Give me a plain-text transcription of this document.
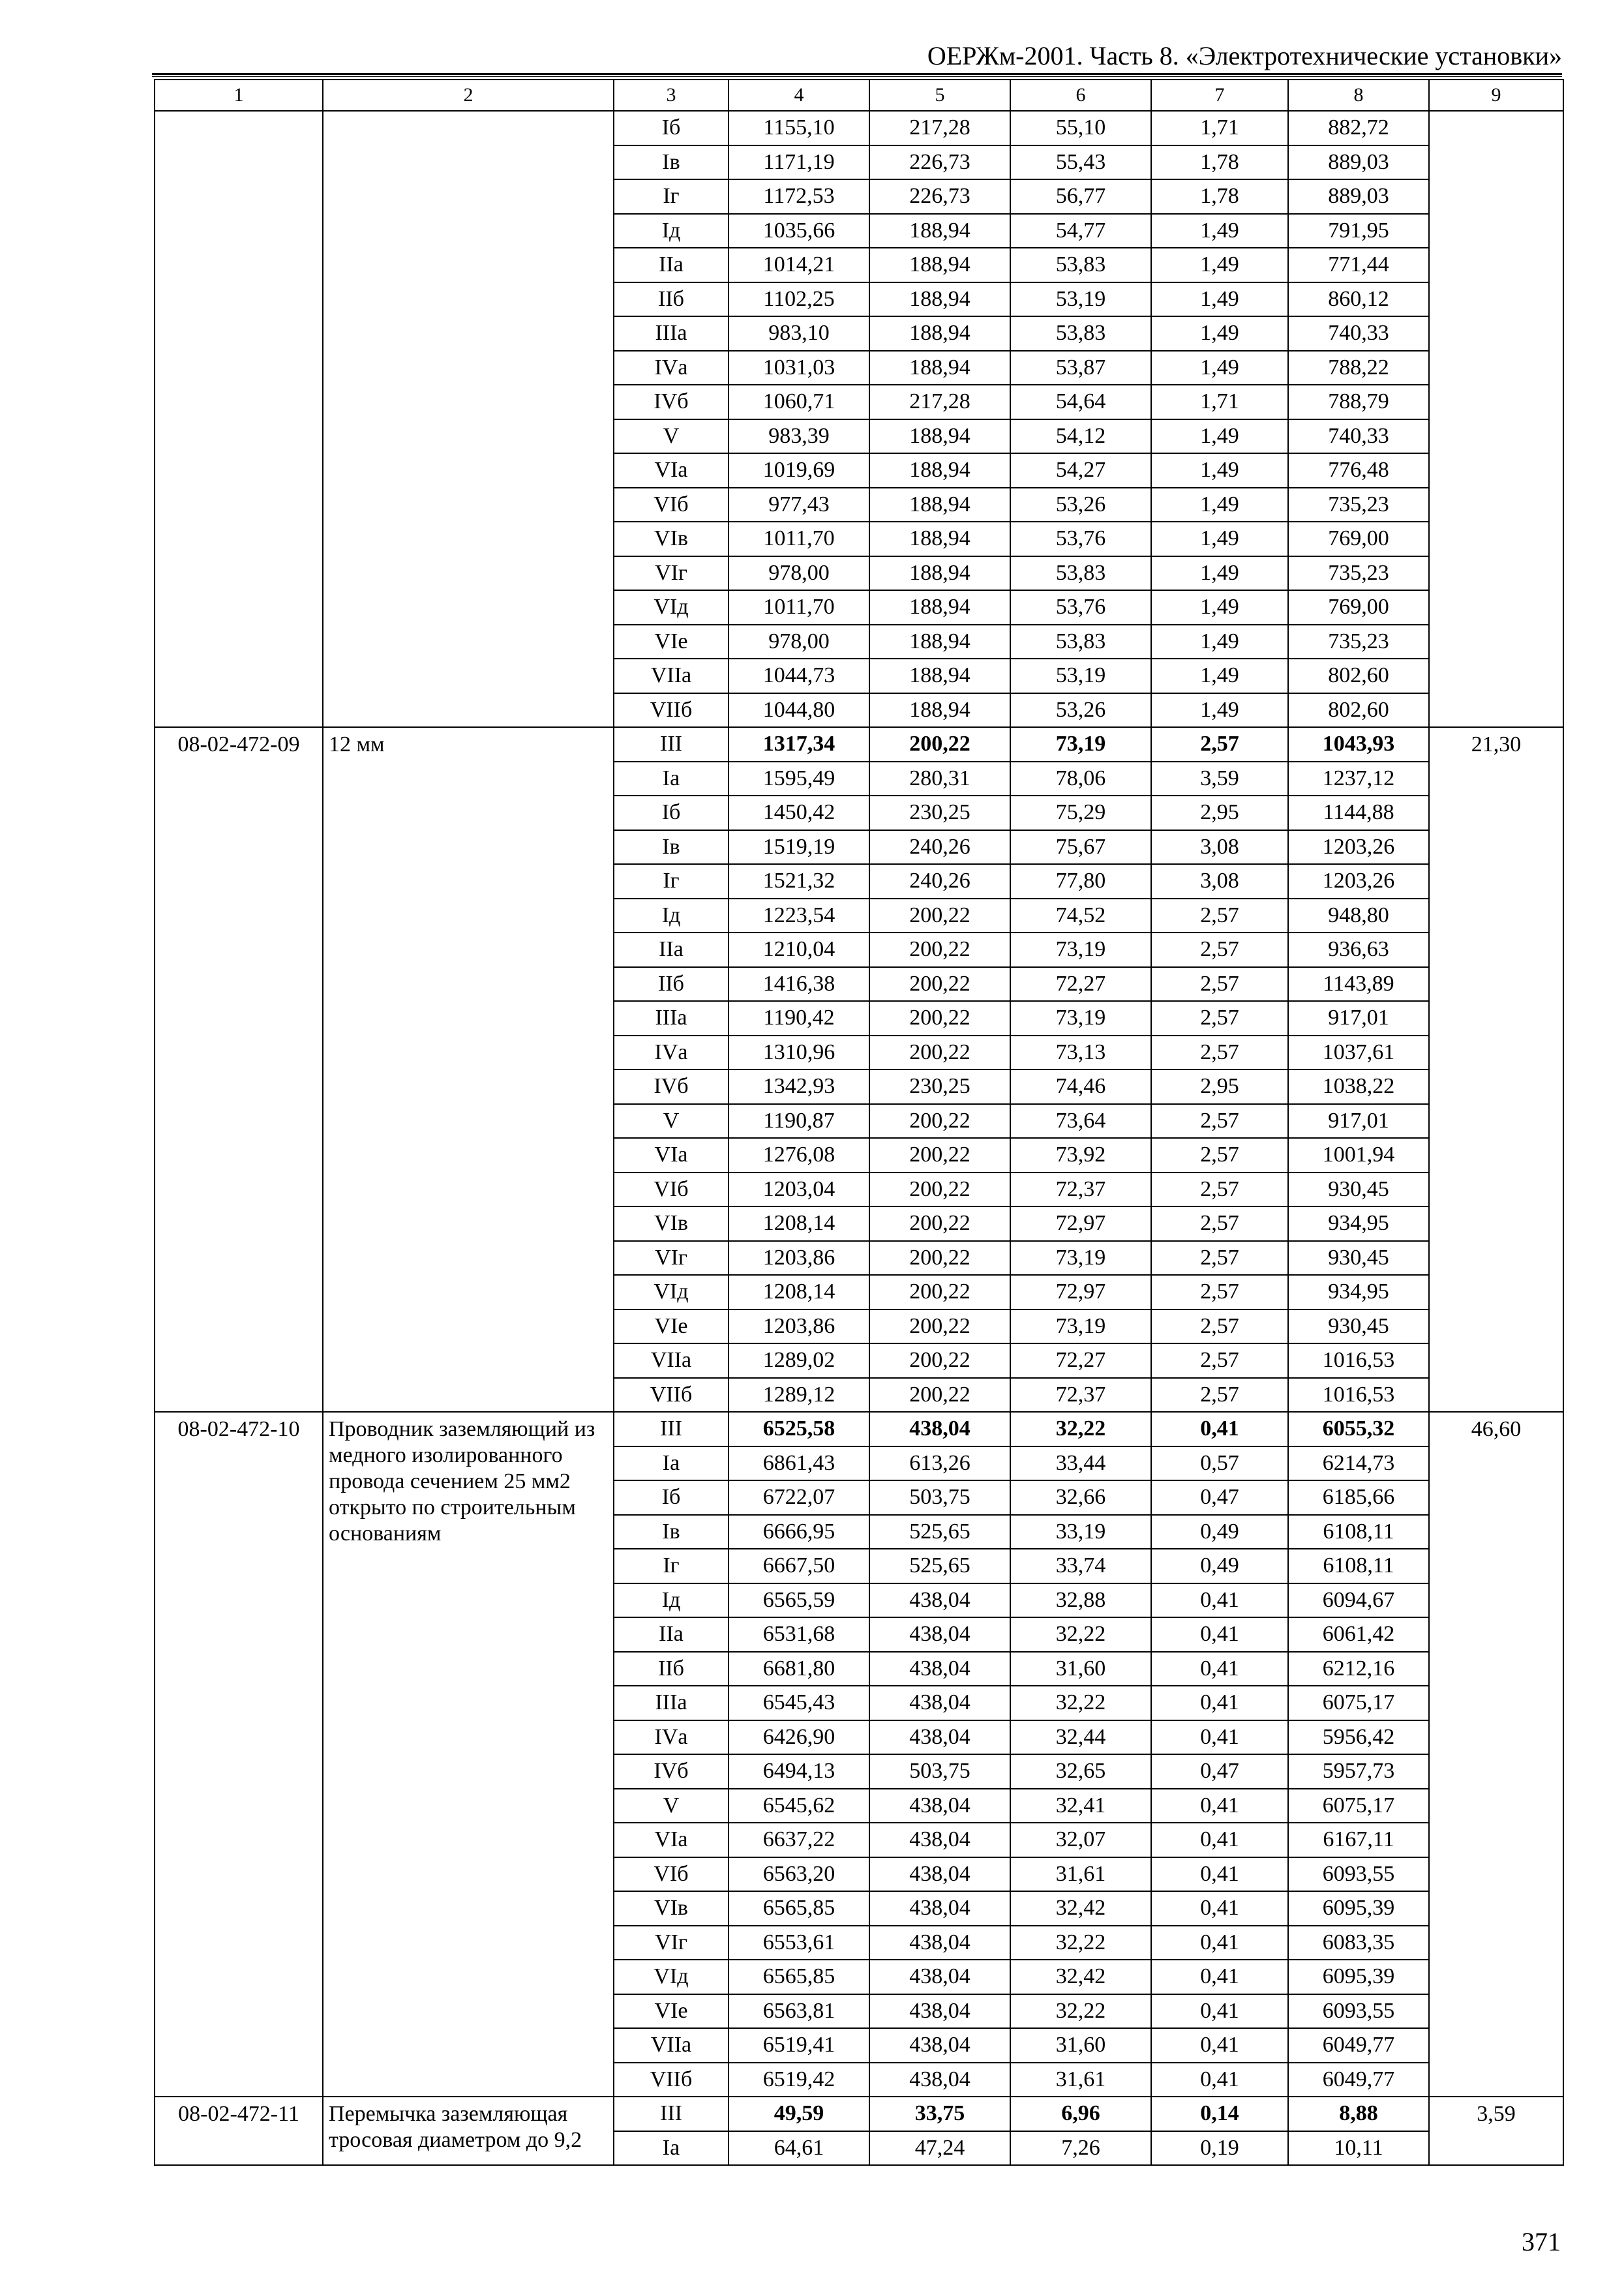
ОЕРЖм-2001. Часть 8. «Электротехнические установки»
1	2	3	4	5	6	7	8	9
		Iб	1155,10	217,28	55,10	1,71	882,72	
		Iв	1171,19	226,73	55,43	1,78	889,03	
		Iг	1172,53	226,73	56,77	1,78	889,03	
		Iд	1035,66	188,94	54,77	1,49	791,95	
		IIа	1014,21	188,94	53,83	1,49	771,44	
		IIб	1102,25	188,94	53,19	1,49	860,12	
		IIIа	983,10	188,94	53,83	1,49	740,33	
		IVа	1031,03	188,94	53,87	1,49	788,22	
		IVб	1060,71	217,28	54,64	1,71	788,79	
		V	983,39	188,94	54,12	1,49	740,33	
		VIа	1019,69	188,94	54,27	1,49	776,48	
		VIб	977,43	188,94	53,26	1,49	735,23	
		VIв	1011,70	188,94	53,76	1,49	769,00	
		VIг	978,00	188,94	53,83	1,49	735,23	
		VIд	1011,70	188,94	53,76	1,49	769,00	
		VIе	978,00	188,94	53,83	1,49	735,23	
		VIIа	1044,73	188,94	53,19	1,49	802,60	
		VIIб	1044,80	188,94	53,26	1,49	802,60	
08-02-472-09	12 мм	III	1317,34	200,22	73,19	2,57	1043,93	21,30
		Iа	1595,49	280,31	78,06	3,59	1237,12	
		Iб	1450,42	230,25	75,29	2,95	1144,88	
		Iв	1519,19	240,26	75,67	3,08	1203,26	
		Iг	1521,32	240,26	77,80	3,08	1203,26	
		Iд	1223,54	200,22	74,52	2,57	948,80	
		IIа	1210,04	200,22	73,19	2,57	936,63	
		IIб	1416,38	200,22	72,27	2,57	1143,89	
		IIIа	1190,42	200,22	73,19	2,57	917,01	
		IVа	1310,96	200,22	73,13	2,57	1037,61	
		IVб	1342,93	230,25	74,46	2,95	1038,22	
		V	1190,87	200,22	73,64	2,57	917,01	
		VIа	1276,08	200,22	73,92	2,57	1001,94	
		VIб	1203,04	200,22	72,37	2,57	930,45	
		VIв	1208,14	200,22	72,97	2,57	934,95	
		VIг	1203,86	200,22	73,19	2,57	930,45	
		VIд	1208,14	200,22	72,97	2,57	934,95	
		VIе	1203,86	200,22	73,19	2,57	930,45	
		VIIа	1289,02	200,22	72,27	2,57	1016,53	
		VIIб	1289,12	200,22	72,37	2,57	1016,53	
08-02-472-10	Проводник заземляющий из медного изолированного провода сечением 25 мм2 открыто по строительным основаниям	III	6525,58	438,04	32,22	0,41	6055,32	46,60
		Iа	6861,43	613,26	33,44	0,57	6214,73	
		Iб	6722,07	503,75	32,66	0,47	6185,66	
		Iв	6666,95	525,65	33,19	0,49	6108,11	
		Iг	6667,50	525,65	33,74	0,49	6108,11	
		Iд	6565,59	438,04	32,88	0,41	6094,67	
		IIа	6531,68	438,04	32,22	0,41	6061,42	
		IIб	6681,80	438,04	31,60	0,41	6212,16	
		IIIа	6545,43	438,04	32,22	0,41	6075,17	
		IVа	6426,90	438,04	32,44	0,41	5956,42	
		IVб	6494,13	503,75	32,65	0,47	5957,73	
		V	6545,62	438,04	32,41	0,41	6075,17	
		VIа	6637,22	438,04	32,07	0,41	6167,11	
		VIб	6563,20	438,04	31,61	0,41	6093,55	
		VIв	6565,85	438,04	32,42	0,41	6095,39	
		VIг	6553,61	438,04	32,22	0,41	6083,35	
		VIд	6565,85	438,04	32,42	0,41	6095,39	
		VIе	6563,81	438,04	32,22	0,41	6093,55	
		VIIа	6519,41	438,04	31,60	0,41	6049,77	
		VIIб	6519,42	438,04	31,61	0,41	6049,77	
08-02-472-11	Перемычка заземляющая тросовая диаметром до 9,2	III	49,59	33,75	6,96	0,14	8,88	3,59
		Iа	64,61	47,24	7,26	0,19	10,11	
371
